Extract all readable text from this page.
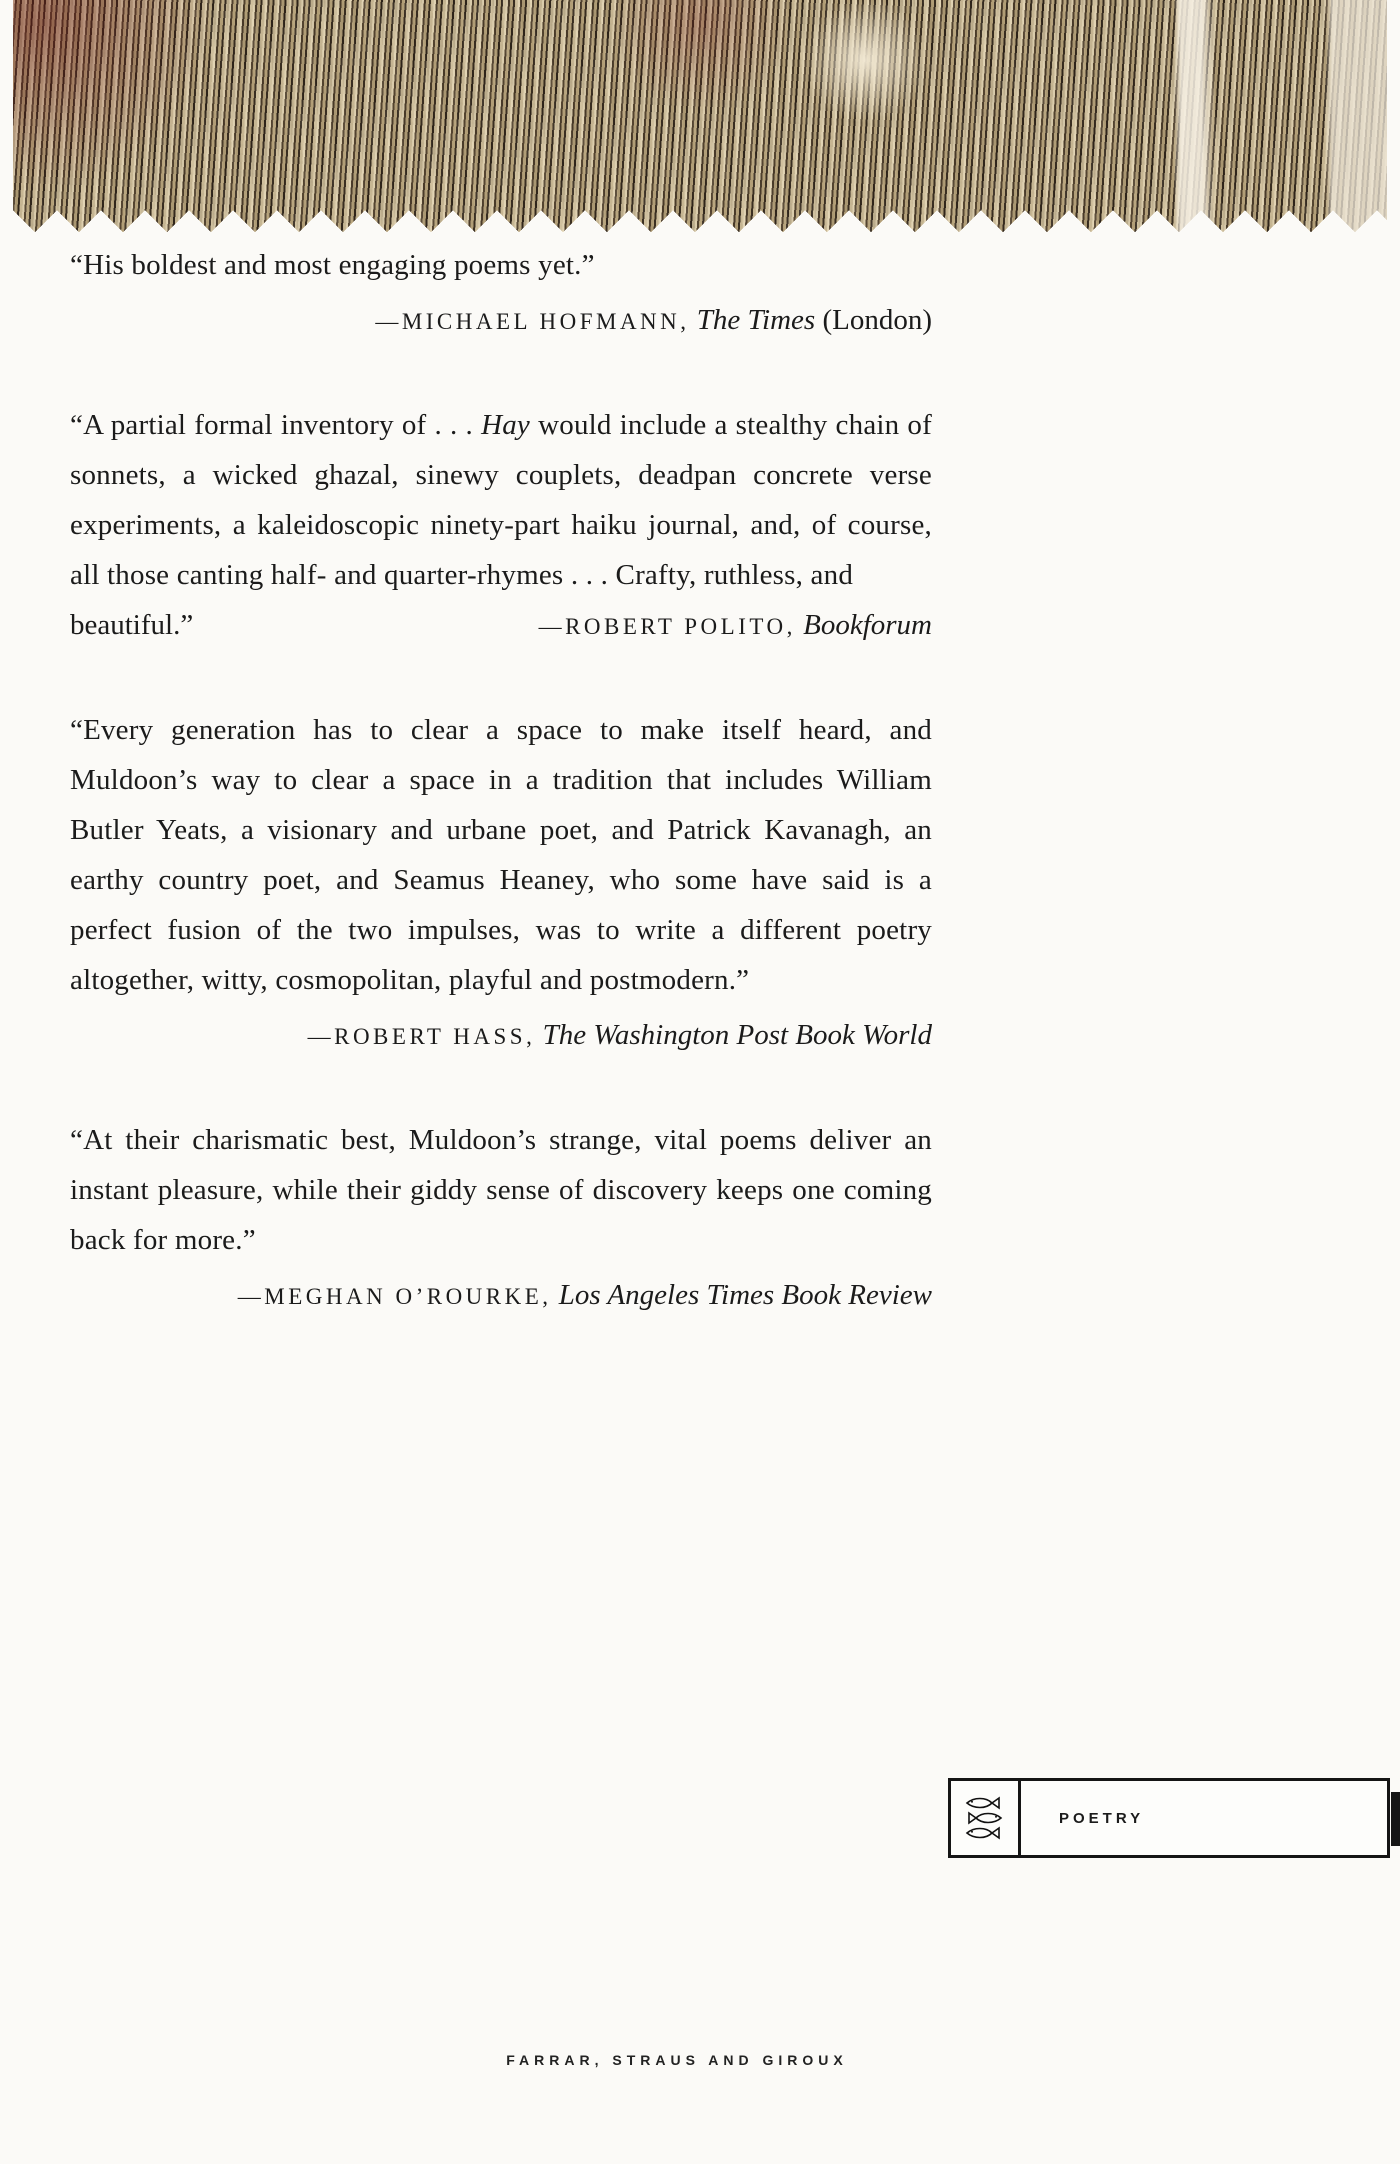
“His boldest and most engaging poems yet.”

—MICHAEL HOFMANN, The Times (London)

“A partial formal inventory of . . . Hay would include a stealthy chain of sonnets, a wicked ghazal, sinewy couplets, deadpan concrete verse experiments, a kaleidoscopic ninety-part haiku journal, and, of course, all those canting half- and quarter-rhymes . . . Crafty, ruthless, and

beautiful.”	—ROBERT POLITO, Bookforum

“Every generation has to clear a space to make itself heard, and Muldoon’s way to clear a space in a tradition that includes William Butler Yeats, a visionary and urbane poet, and Patrick Kavanagh, an earthy country poet, and Seamus Heaney, who some have said is a perfect fusion of the two impulses, was to write a different poetry altogether, witty, cosmopolitan, playful and postmodern.”

—ROBERT HASS, The Washington Post Book World

“At their charismatic best, Muldoon’s strange, vital poems deliver an instant pleasure, while their giddy sense of discovery keeps one coming back for more.”

—MEGHAN O’ROURKE, Los Angeles Times Book Review

POETRY
FARRAR, STRAUS AND GIROUX
